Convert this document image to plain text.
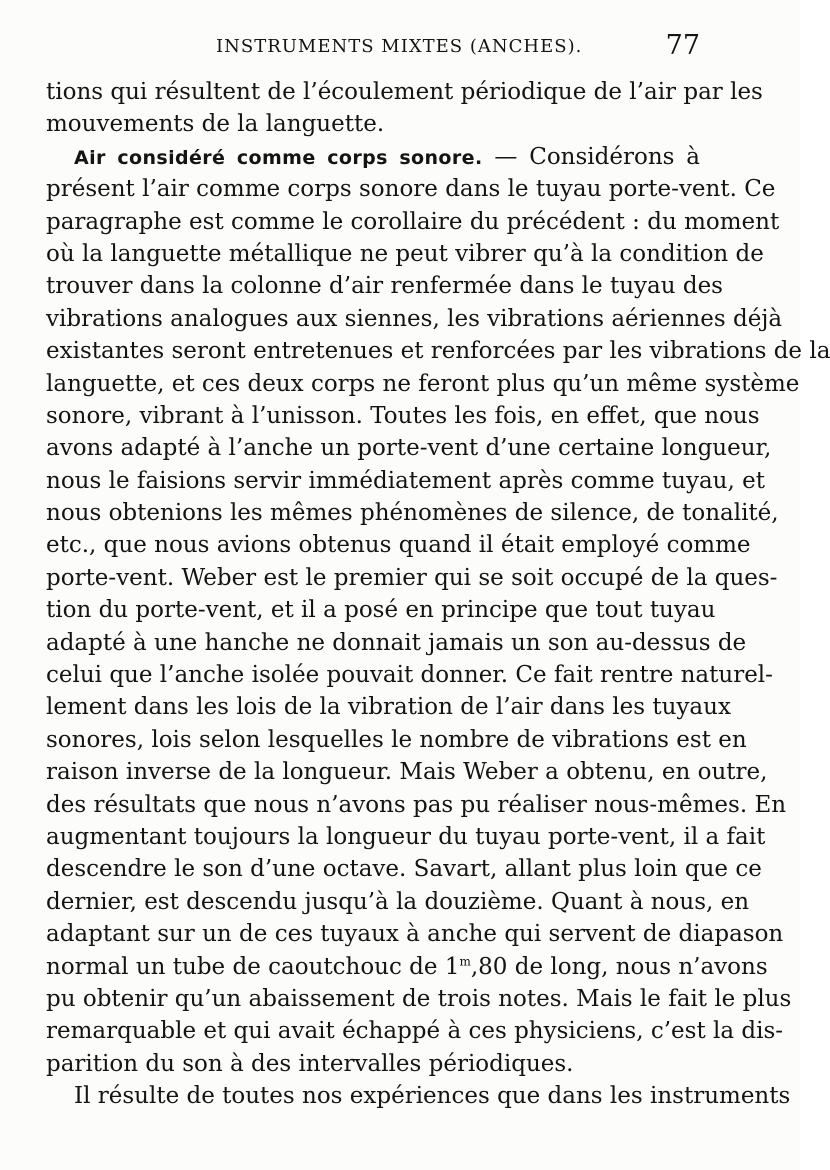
INSTRUMENTS MIXTES (ANCHES).	77
tions qui résultent de l’écoulement périodique de l’air par les
mouvements de la languette.
Air considéré comme corps sonore. — Considérons à
présent l’air comme corps sonore dans le tuyau porte-vent. Ce
paragraphe est comme le corollaire du précédent : du moment
où la languette métallique ne peut vibrer qu’à la condition de
trouver dans la colonne d’air renfermée dans le tuyau des
vibrations analogues aux siennes, les vibrations aériennes déjà
existantes seront entretenues et renforcées par les vibrations de la
languette, et ces deux corps ne feront plus qu’un même système
sonore, vibrant à l’unisson. Toutes les fois, en effet, que nous
avons adapté à l’anche un porte-vent d’une certaine longueur,
nous le faisions servir immédiatement après comme tuyau, et
nous obtenions les mêmes phénomènes de silence, de tonalité,
etc., que nous avions obtenus quand il était employé comme
porte-vent. Weber est le premier qui se soit occupé de la ques-
tion du porte-vent, et il a posé en principe que tout tuyau
adapté à une hanche ne donnait jamais un son au-dessus de
celui que l’anche isolée pouvait donner. Ce fait rentre naturel-
lement dans les lois de la vibration de l’air dans les tuyaux
sonores, lois selon lesquelles le nombre de vibrations est en
raison inverse de la longueur. Mais Weber a obtenu, en outre,
des résultats que nous n’avons pas pu réaliser nous-mêmes. En
augmentant toujours la longueur du tuyau porte-vent, il a fait
descendre le son d’une octave. Savart, allant plus loin que ce
dernier, est descendu jusqu’à la douzième. Quant à nous, en
adaptant sur un de ces tuyaux à anche qui servent de diapason
normal un tube de caoutchouc de 1$^m$,80 de long, nous n’avons
pu obtenir qu’un abaissement de trois notes. Mais le fait le plus
remarquable et qui avait échappé à ces physiciens, c’est la dis-
parition du son à des intervalles périodiques.
Il résulte de toutes nos expériences que dans les instruments
